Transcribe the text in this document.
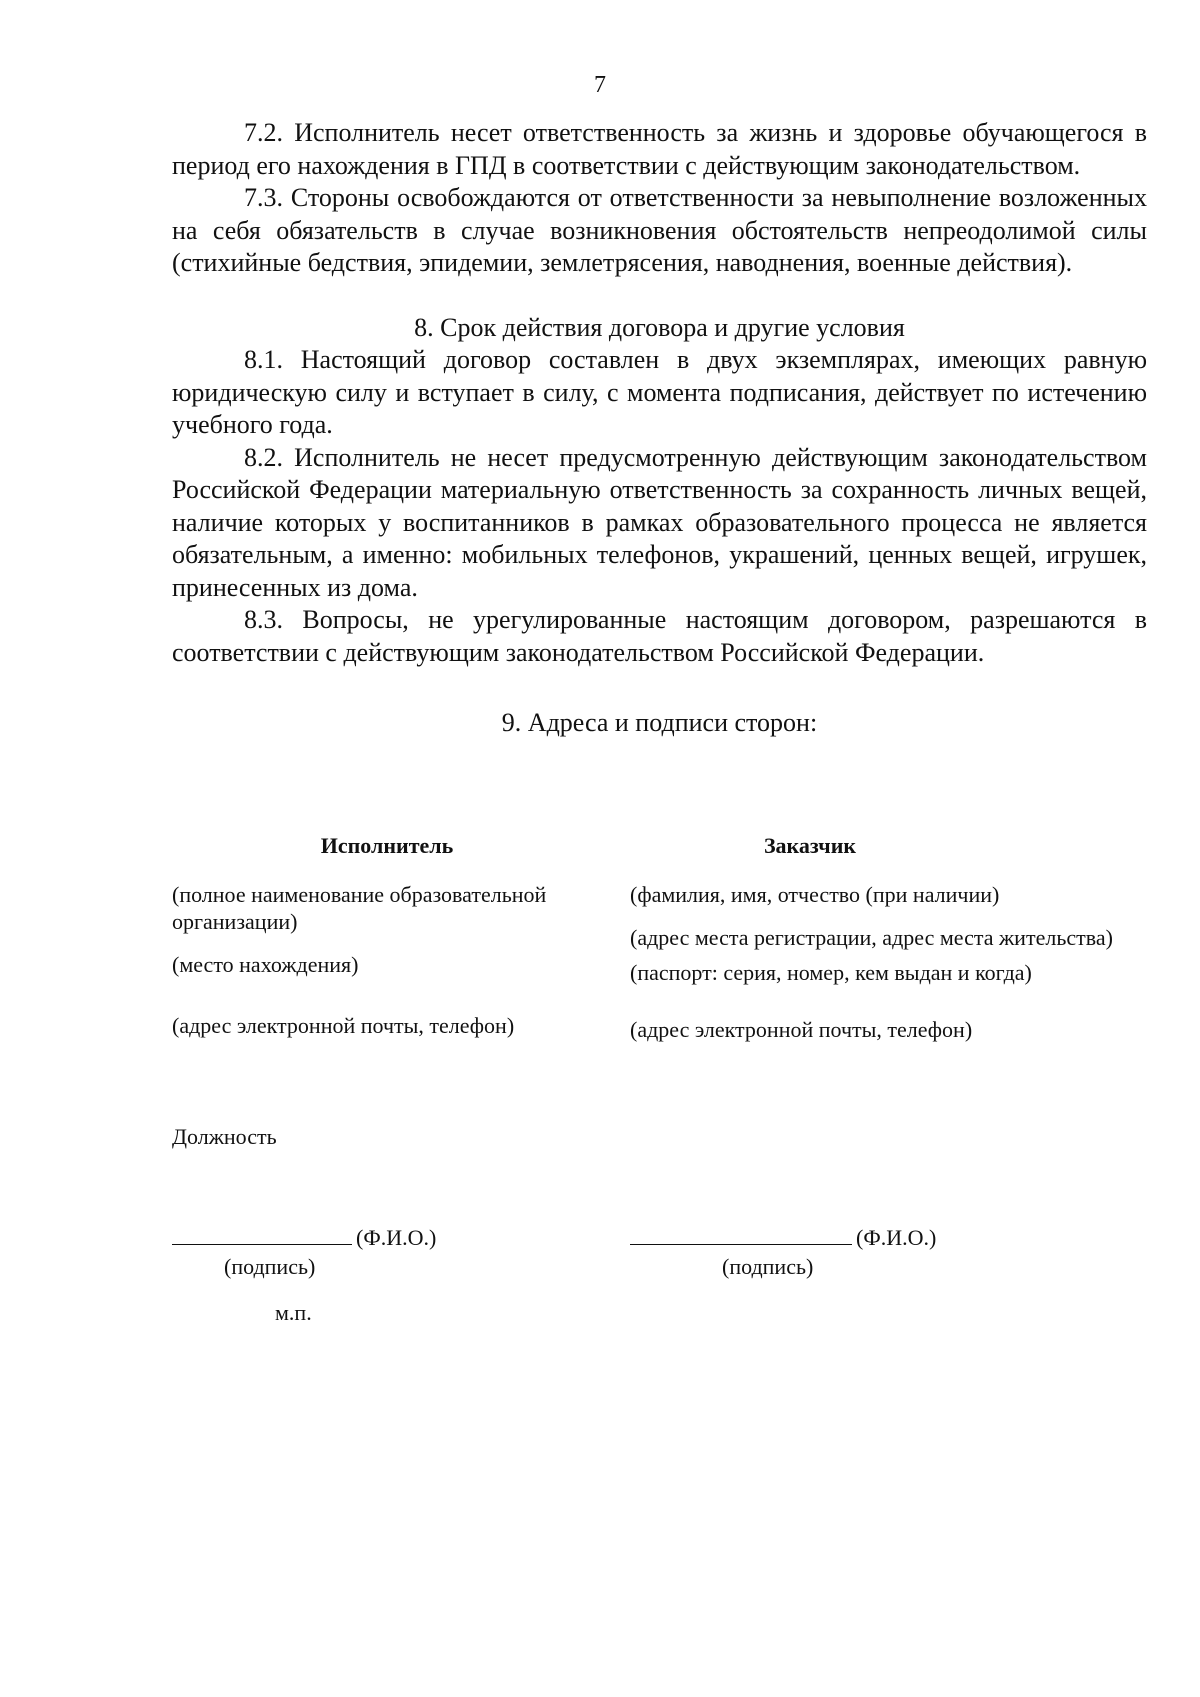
7

7.2. Исполнитель несет ответственность за жизнь и здоровье обучающегося в период его нахождения в ГПД в соответствии с действующим законодательством.

7.3. Стороны освобождаются от ответственности за невыполнение возложенных на себя обязательств в случае возникновения обстоятельств непреодолимой силы (стихийные бедствия, эпидемии, землетрясения, наводнения, военные действия).

8. Срок действия договора и другие условия

8.1. Настоящий договор составлен в двух экземплярах, имеющих равную юридическую силу и вступает в силу, с момента подписания, действует по истечению учебного года.

8.2. Исполнитель не несет предусмотренную действующим законодательством Российской Федерации материальную ответственность за сохранность личных вещей, наличие которых у воспитанников в рамках образовательного процесса не является обязательным, а именно: мобильных телефонов, украшений, ценных вещей, игрушек, принесенных из дома.

8.3. Вопросы, не урегулированные настоящим договором, разрешаются в соответствии с действующим законодательством Российской Федерации.

9. Адреса и подписи сторон:

Исполнитель

(полное наименование образовательной организации)

(место нахождения)

(адрес электронной почты, телефон)

Заказчик

(фамилия, имя, отчество (при наличии)

(адрес места регистрации, адрес места жительства)

(паспорт: серия, номер, кем выдан и когда)

(адрес электронной почты, телефон)

Должность
(Ф.И.О.)
(подпись)
(Ф.И.О.)
(подпись)
м.п.
